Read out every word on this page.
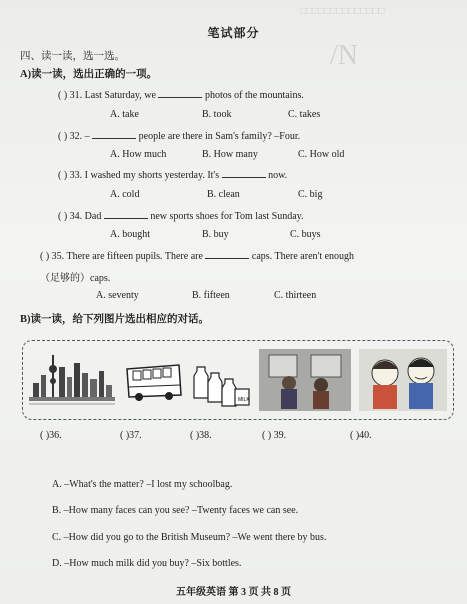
□□□□□□□□□□□□□□
/N
笔试部分
四、读一读，选一选。
A)读一读，选出正确的一项。
( ) 31. Last Saturday, we	photos of the mountains.
A. take	B. took	C. takes
( ) 32. –	people are there in Sam's family? –Four.
A. How much	B. How many	C. How old
( ) 33. I washed my shorts yesterday. It's	now.
A. cold	B. clean	C. big
( ) 34. Dad	new sports shoes for Tom last Sunday.
A. bought	B. buy	C. buys
( ) 35. There are fifteen pupils. There are	caps. There aren't enough
（足够的）caps.
A. seventy	B. fifteen	C. thirteen
B)读一读，给下列图片选出相应的对话。
MILK
( )36.	( )37.	( )38.	( ) 39.	( )40.
A. –What's the matter? –I lost my schoolbag.
B. –How many faces can you see? –Twenty faces we can see.
C. –How did you go to the British Museum? –We went there by bus.
D. –How much milk did you buy? –Six bottles.
五年级英语 第 3 页 共 8 页
